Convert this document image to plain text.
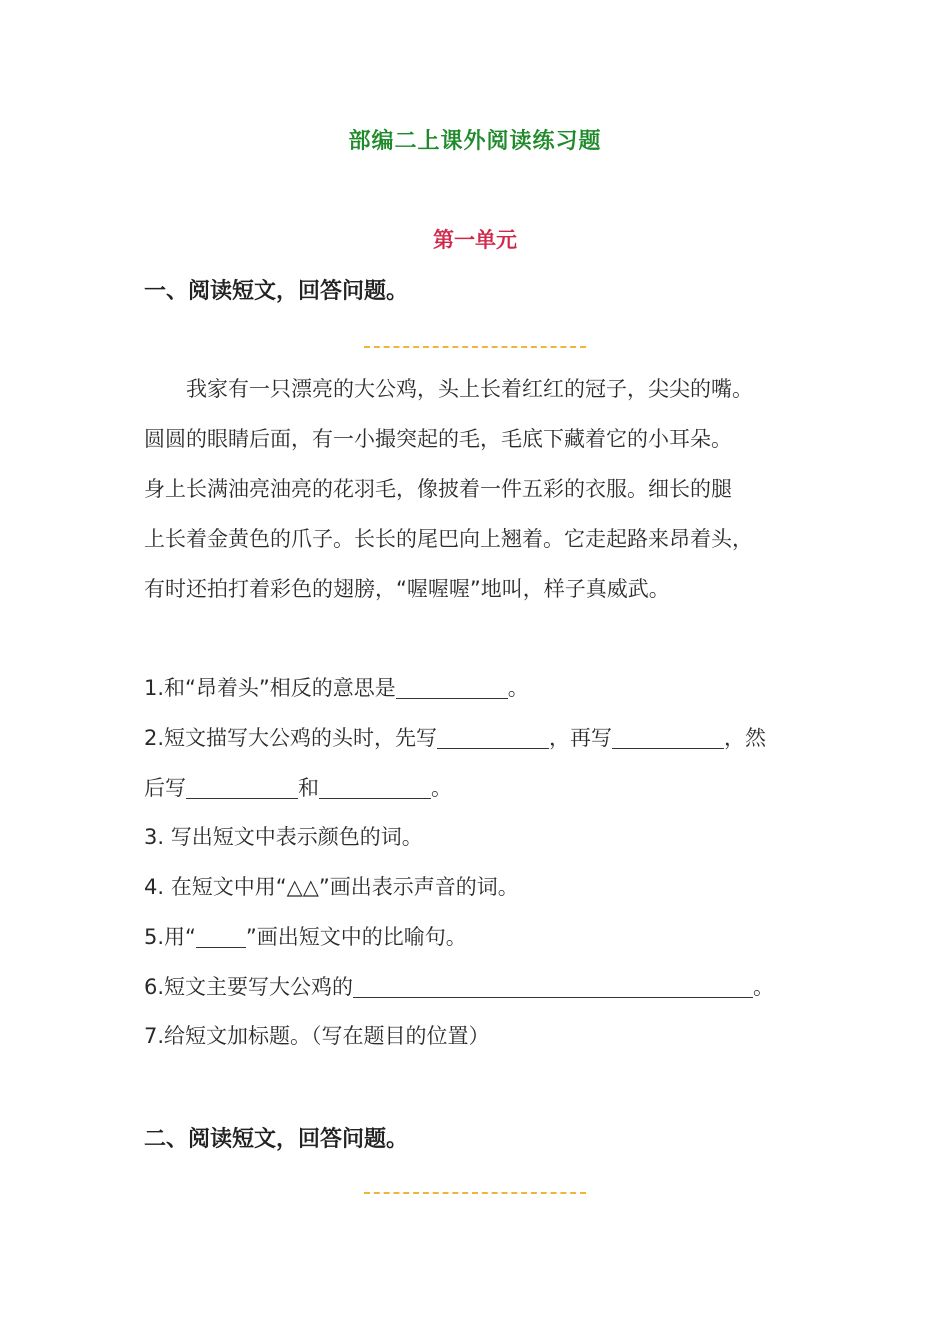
部编二上课外阅读练习题
第一单元
一、阅读短文，回答问题。
　　我家有一只漂亮的大公鸡，头上长着红红的冠子，尖尖的嘴。
圆圆的眼睛后面，有一小撮突起的毛，毛底下藏着它的小耳朵。
身上长满油亮油亮的花羽毛，像披着一件五彩的衣服。细长的腿
上长着金黄色的爪子。长长的尾巴向上翘着。它走起路来昂着头，
有时还拍打着彩色的翅膀，“喔喔喔”地叫，样子真威武。
1.和“昂着头”相反的意思是	。
2.短文描写大公鸡的头时，先写	，再写	，然
后写	和	。
3. 写出短文中表示颜色的词。
4. 在短文中用“△△”画出表示声音的词。
5.用“ ”画出短文中的比喻句。
6.短文主要写大公鸡的	。
7.给短文加标题。（写在题目的位置）
二、阅读短文，回答问题。
